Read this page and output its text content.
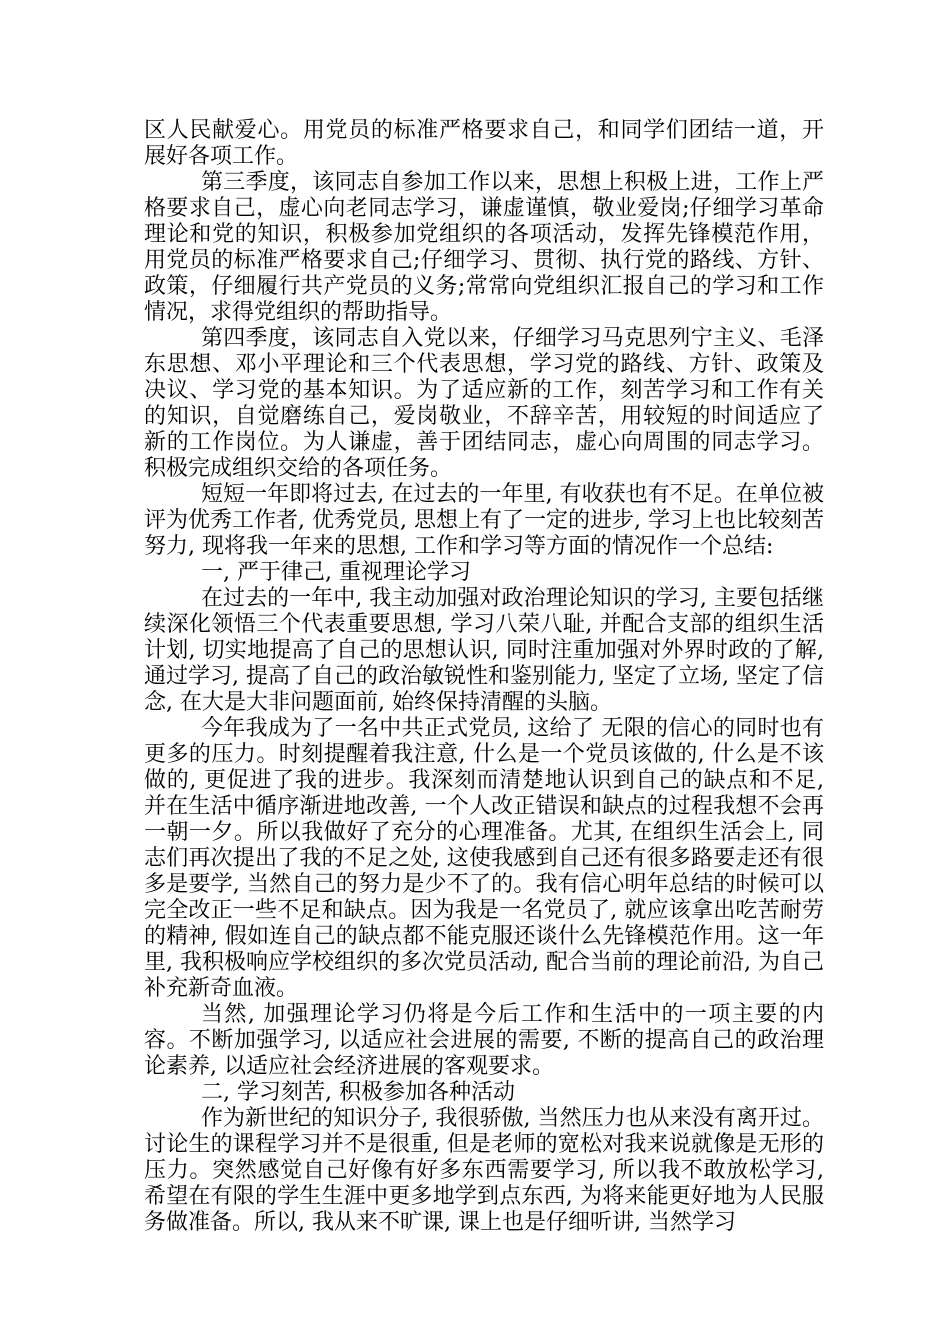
区人民献爱心。用党员的标准严格要求自己，和同学们团结一道，开展好各项工作。

第三季度，该同志自参加工作以来，思想上积极上进，工作上严格要求自己，虚心向老同志学习，谦虚谨慎，敬业爱岗;仔细学习革命理论和党的知识，积极参加党组织的各项活动，发挥先锋模范作用，用党员的标准严格要求自己;仔细学习、贯彻、执行党的路线、方针、政策，仔细履行共产党员的义务;常常向党组织汇报自己的学习和工作情况，求得党组织的帮助指导。

第四季度，该同志自入党以来，仔细学习马克思列宁主义、毛泽东思想、邓小平理论和三个代表思想，学习党的路线、方针、政策及决议、学习党的基本知识。为了适应新的工作，刻苦学习和工作有关的知识，自觉磨练自己，爱岗敬业，不辞辛苦，用较短的时间适应了新的工作岗位。为人谦虚，善于团结同志，虚心向周围的同志学习。积极完成组织交给的各项任务。

短短一年即将过去, 在过去的一年里, 有收获也有不足。在单位被评为优秀工作者, 优秀党员, 思想上有了一定的进步, 学习上也比较刻苦努力, 现将我一年来的思想, 工作和学习等方面的情况作一个总结:

一, 严于律己, 重视理论学习

在过去的一年中, 我主动加强对政治理论知识的学习, 主要包括继续深化领悟三个代表重要思想, 学习八荣八耻, 并配合支部的组织生活计划, 切实地提高了自己的思想认识, 同时注重加强对外界时政的了解, 通过学习, 提高了自己的政治敏锐性和鉴别能力, 坚定了立场, 坚定了信念, 在大是大非问题面前, 始终保持清醒的头脑。

今年我成为了一名中共正式党员, 这给了 无限的信心的同时也有更多的压力。时刻提醒着我注意, 什么是一个党员该做的, 什么是不该做的, 更促进了我的进步。我深刻而清楚地认识到自己的缺点和不足, 并在生活中循序渐进地改善, 一个人改正错误和缺点的过程我想不会再一朝一夕。所以我做好了充分的心理准备。尤其, 在组织生活会上, 同志们再次提出了我的不足之处, 这使我感到自己还有很多路要走还有很多是要学, 当然自己的努力是少不了的。我有信心明年总结的时候可以完全改正一些不足和缺点。因为我是一名党员了, 就应该拿出吃苦耐劳的精神, 假如连自己的缺点都不能克服还谈什么先锋模范作用。这一年里, 我积极响应学校组织的多次党员活动, 配合当前的理论前沿, 为自己补充新奇血液。

当然, 加强理论学习仍将是今后工作和生活中的一项主要的内容。不断加强学习, 以适应社会进展的需要, 不断的提高自己的政治理论素养, 以适应社会经济进展的客观要求。

二, 学习刻苦, 积极参加各种活动

作为新世纪的知识分子, 我很骄傲, 当然压力也从来没有离开过。讨论生的课程学习并不是很重, 但是老师的宽松对我来说就像是无形的压力。突然感觉自己好像有好多东西需要学习, 所以我不敢放松学习, 希望在有限的学生生涯中更多地学到点东西, 为将来能更好地为人民服务做准备。所以, 我从来不旷课, 课上也是仔细听讲, 当然学习
